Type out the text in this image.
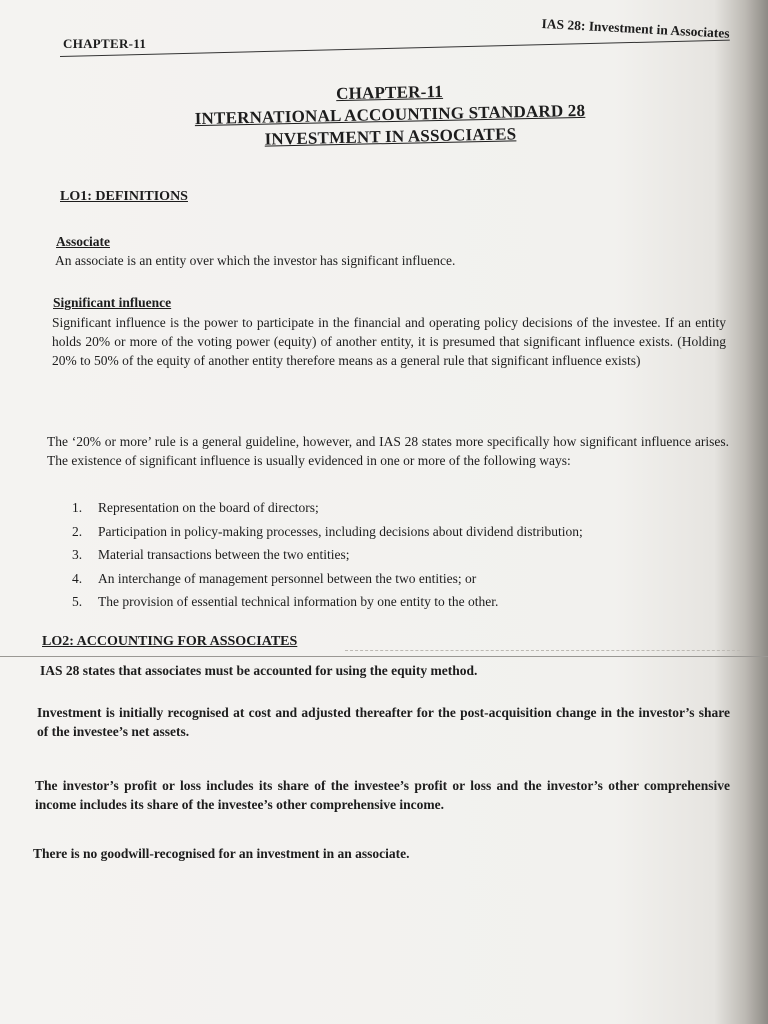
CHAPTER-11
IAS 28: Investment in Associates
CHAPTER-11
INTERNATIONAL ACCOUNTING STANDARD 28
INVESTMENT IN ASSOCIATES
LO1: DEFINITIONS
Associate
An associate is an entity over which the investor has significant influence.
Significant influence
Significant influence is the power to participate in the financial and operating policy decisions of the investee. If an entity holds 20% or more of the voting power (equity) of another entity, it is presumed that significant influence exists. (Holding 20% to 50% of the equity of another entity therefore means as a general rule that significant influence exists)
The ‘20% or more’ rule is a general guideline, however, and IAS 28 states more specifically how significant influence arises. The existence of significant influence is usually evidenced in one or more of the following ways:
1.	Representation on the board of directors;
2.	Participation in policy-making processes, including decisions about dividend distribution;
3.	Material transactions between the two entities;
4.	An interchange of management personnel between the two entities; or
5.	The provision of essential technical information by one entity to the other.
LO2: ACCOUNTING FOR ASSOCIATES
IAS 28 states that associates must be accounted for using the equity method.
Investment is initially recognised at cost and adjusted thereafter for the post-acquisition change in the investor’s share of the investee’s net assets.
The investor’s profit or loss includes its share of the investee’s profit or loss and the investor’s other comprehensive income includes its share of the investee’s other comprehensive income.
There is no goodwill-recognised for an investment in an associate.
